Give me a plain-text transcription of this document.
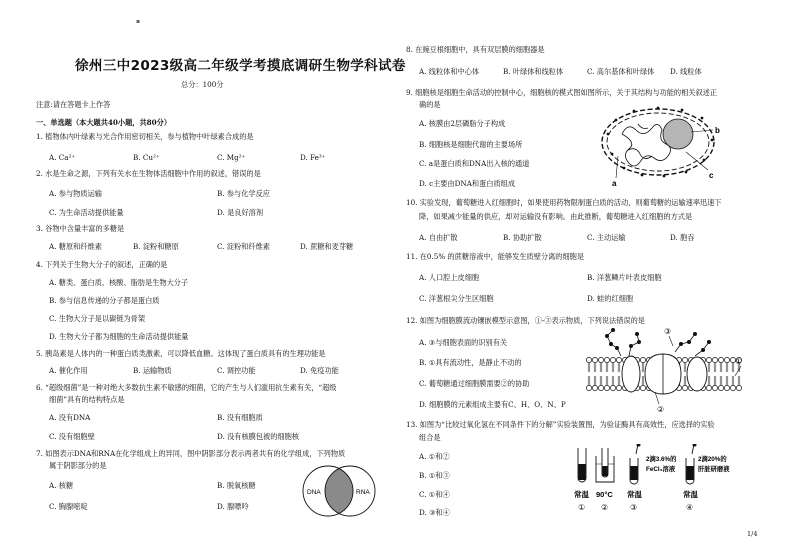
▪
徐州三中2023级高二年级学考摸底调研生物学科试卷
总分：100分
注意:请在答题卡上作答
一、单选题（本大题共40小题，共80分）
1. 植物体内叶绿素与光合作用密切相关，参与植物中叶绿素合成的是
A. Ca²⁺	B. Cu²⁺	C. Mg²⁺	D. Fe³⁺
2. 水是生命之源，下列有关水在生物体活细胞中作用的叙述，错误的是
A. 参与物质运输	B. 参与化学反应
C. 为生命活动提供能量	D. 是良好溶剂
3. 谷物中含量丰富的多糖是
A. 糖原和纤维素	B. 淀粉和糖原	C. 淀粉和纤维素	D. 蔗糖和麦芽糖
4. 下列关于生物大分子的叙述，正确的是
A. 糖类、蛋白质、核酸、脂肪是生物大分子
B. 参与信息传递的分子都是蛋白质
C. 生物大分子是以碳链为骨架
D. 生物大分子都为细胞的生命活动提供能量
5. 胰岛素是人体内的一种蛋白质类激素，可以降低血糖。这体现了蛋白质具有的生理功能是
A. 催化作用	B. 运输物质	C. 调控功能	D. 免疫功能
6. “超级细菌”是一种对绝大多数抗生素不敏感的细菌，它的产生与人们滥用抗生素有关，“超级
细菌”具有的结构特点是
A. 没有DNA	B. 没有细胞质
C. 没有细胞壁	D. 没有核膜包被的细胞核
7. 如图表示DNA和RNA在化学组成上的异同，图中阴影部分表示两者共有的化学组成，下列物质
属于阴影部分的是
A. 核糖	B. 脱氧核糖
C. 胸腺嘧啶	D. 腺嘌呤
DNA	RNA
8. 在豌豆根细胞中，具有双层膜的细胞器是
A. 线粒体和中心体	B. 叶绿体和线粒体	C. 高尔基体和叶绿体 D. 线粒体
9. 细胞核是细胞生命活动的控制中心，细胞核的模式图如图所示，关于其结构与功能的相关叙述正
确的是
A. 核膜由2层磷脂分子构成
B. 细胞核是细胞代谢的主要场所
C. a是蛋白质和DNA出入核的通道
D. c主要由DNA和蛋白质组成
b
c
a
10. 实验发现，葡萄糖进入红细胞时，如果使用药物限制蛋白质的活动，则葡萄糖的运输速率迅速下
降，如果减少能量的供应，却对运输没有影响。由此推断，葡萄糖进入红细胞的方式是
A. 自由扩散	B. 协助扩散	C. 主动运输	D. 胞吞
11. 在0.5% 的蔗糖溶液中，能够发生质壁分离的细胞是
A. 人口腔上皮细胞	B. 洋葱鳞片叶表皮细胞
C. 洋葱根尖分生区细胞	D. 蛙的红细胞
12. 如图为细胞膜流动镶嵌模型示意图，①-③表示物质，下列说法错误的是
A. ③与细胞表面的识别有关
B. ①具有流动性，是静止不动的
C. 葡萄糖通过细胞膜需要②的协助
D. 细胞膜的元素组成主要有C、H、O、N、P
①
②
③
13. 如图为“比较过氧化氢在不同条件下的分解”实验装置图，为验证酶具有高效性，应选择的实验
组合是
A. ①和②
B. ①和③
C. ①和④
D. ③和④
2滴3.6%的
FeCl₃溶液
2滴20%的
肝脏研磨液
常温 90°C 常温	常温
① ②	③	④
1/4
